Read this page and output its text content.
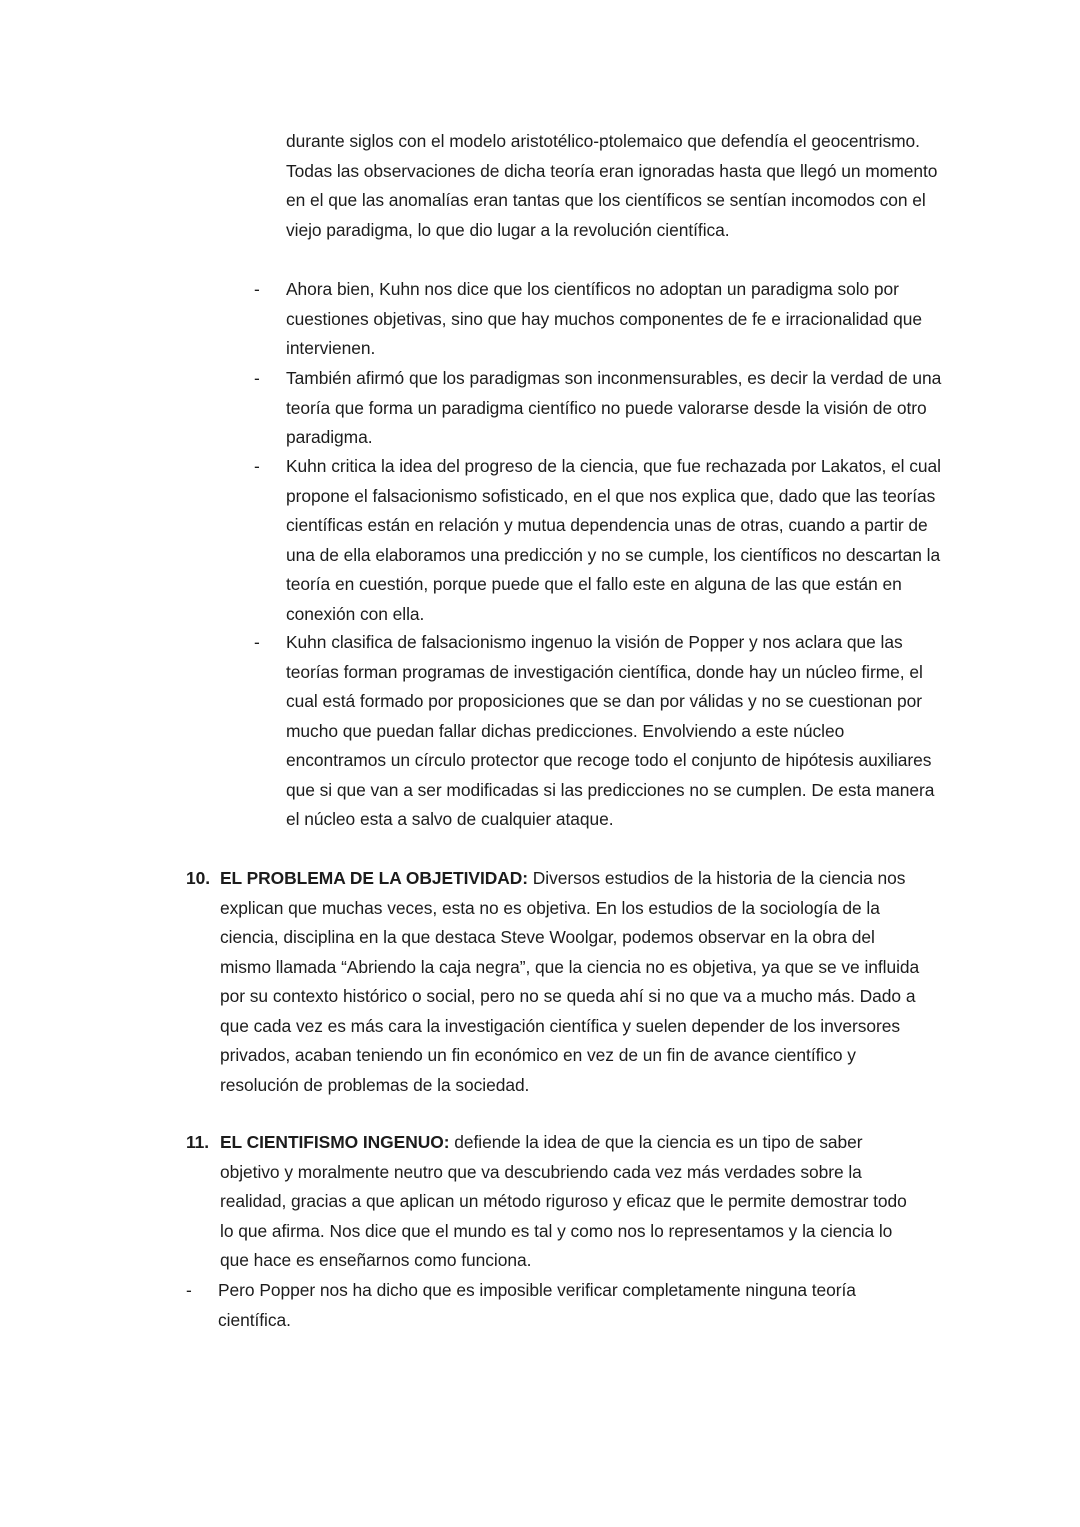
durante siglos con el modelo aristotélico-ptolemaico que defendía el geocentrismo. Todas las observaciones de dicha teoría eran ignoradas hasta que llegó un momento en el que las anomalías eran tantas que los científicos se sentían incomodos con el viejo paradigma, lo que dio lugar a la revolución científica.
-	Ahora bien, Kuhn nos dice que los científicos no adoptan un paradigma solo por cuestiones objetivas, sino que hay muchos componentes de fe e irracionalidad que intervienen.
-	También afirmó que los paradigmas son inconmensurables, es decir la verdad de una teoría que forma un paradigma científico no puede valorarse desde la visión de otro paradigma.
-	Kuhn critica la idea del progreso de la ciencia, que fue rechazada por Lakatos, el cual propone el falsacionismo sofisticado, en el que nos explica que, dado que las teorías científicas están en relación y mutua dependencia unas de otras, cuando a partir de una de ella elaboramos una predicción y no se cumple, los científicos no descartan la teoría en cuestión, porque puede que el fallo este en alguna de las que están en conexión con ella.
-	Kuhn clasifica de falsacionismo ingenuo la visión de Popper y nos aclara que las teorías forman programas de investigación científica, donde hay un núcleo firme, el cual está formado por proposiciones que se dan por válidas y no se cuestionan por mucho que puedan fallar dichas predicciones. Envolviendo a este núcleo encontramos un círculo protector que recoge todo el conjunto de hipótesis auxiliares que si que van a ser modificadas si las predicciones no se cumplen. De esta manera el núcleo esta a salvo de cualquier ataque.
10. EL PROBLEMA DE LA OBJETIVIDAD: Diversos estudios de la historia de la ciencia nos explican que muchas veces, esta no es objetiva. En los estudios de la sociología de la ciencia, disciplina en la que destaca Steve Woolgar, podemos observar en la obra del mismo llamada “Abriendo la caja negra”, que la ciencia no es objetiva, ya que se ve influida por su contexto histórico o social, pero no se queda ahí si no que va a mucho más. Dado a que cada vez es más cara la investigación científica y suelen depender de los inversores privados, acaban teniendo un fin económico en vez de un fin de avance científico y resolución de problemas de la sociedad.
11. EL CIENTIFISMO INGENUO: defiende la idea de que la ciencia es un tipo de saber objetivo y moralmente neutro que va descubriendo cada vez más verdades sobre la realidad, gracias a que aplican un método riguroso y eficaz que le permite demostrar todo lo que afirma. Nos dice que el mundo es tal y como nos lo representamos y la ciencia lo que hace es enseñarnos como funciona.
-	Pero Popper nos ha dicho que es imposible verificar completamente ninguna teoría científica.
